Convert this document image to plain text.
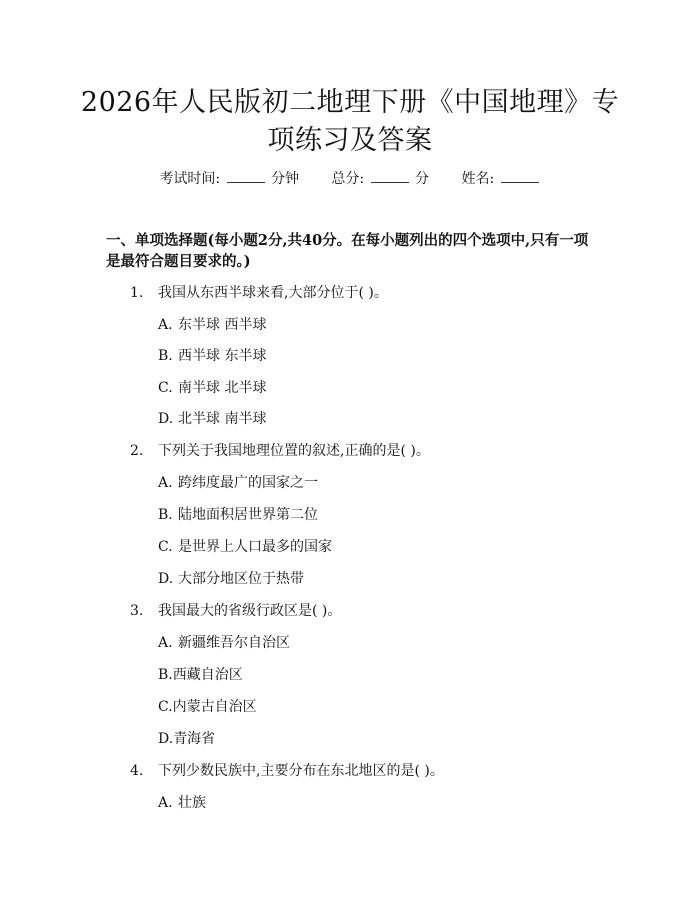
2026年人民版初二地理下册《中国地理》专
项练习及答案
考试时间:	分钟 总分:	分 姓名:
一、单项选择题(每小题2分,共40分。在每小题列出的四个选项中,只有一项
是最符合题目要求的。)
1. 我国从东西半球来看,大部分位于( )。
A. 东半球 西半球
B. 西半球 东半球
C. 南半球 北半球
D. 北半球 南半球
2. 下列关于我国地理位置的叙述,正确的是( )。
A. 跨纬度最广的国家之一
B. 陆地面积居世界第二位
C. 是世界上人口最多的国家
D. 大部分地区位于热带
3. 我国最大的省级行政区是( )。
A. 新疆维吾尔自治区
B.西藏自治区
C.内蒙古自治区
D.青海省
4. 下列少数民族中,主要分布在东北地区的是( )。
A. 壮族
